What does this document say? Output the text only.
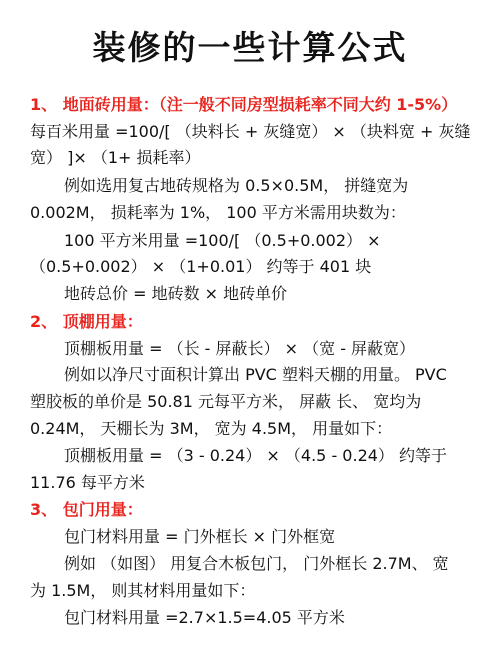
装修的一些计算公式
1、 地面砖用量：（注一般不同房型损耗率不同大约 1-5%）
每百米用量 =100/[ （块料长 + 灰缝宽） × （块料宽 + 灰缝
宽） ]× （1+ 损耗率）
例如选用复古地砖规格为 0.5×0.5M， 拼缝宽为
0.002M， 损耗率为 1%， 100 平方米需用块数为：
100 平方米用量 =100/[ （0.5+0.002） ×
（0.5+0.002） × （1+0.01） 约等于 401 块
地砖总价 = 地砖数 × 地砖单价
2、 顶棚用量：
顶棚板用量 = （长 - 屏蔽长） × （宽 - 屏蔽宽）
例如以净尺寸面积计算出 PVC 塑料天棚的用量。 PVC
塑胶板的单价是 50.81 元每平方米， 屏蔽 长、 宽均为
0.24M， 天棚长为 3M， 宽为 4.5M， 用量如下：
顶棚板用量 = （3 - 0.24） × （4.5 - 0.24） 约等于
11.76 每平方米
3、 包门用量：
包门材料用量 = 门外框长 × 门外框宽
例如 （如图） 用复合木板包门， 门外框长 2.7M、 宽
为 1.5M， 则其材料用量如下：
包门材料用量 =2.7×1.5=4.05 平方米
